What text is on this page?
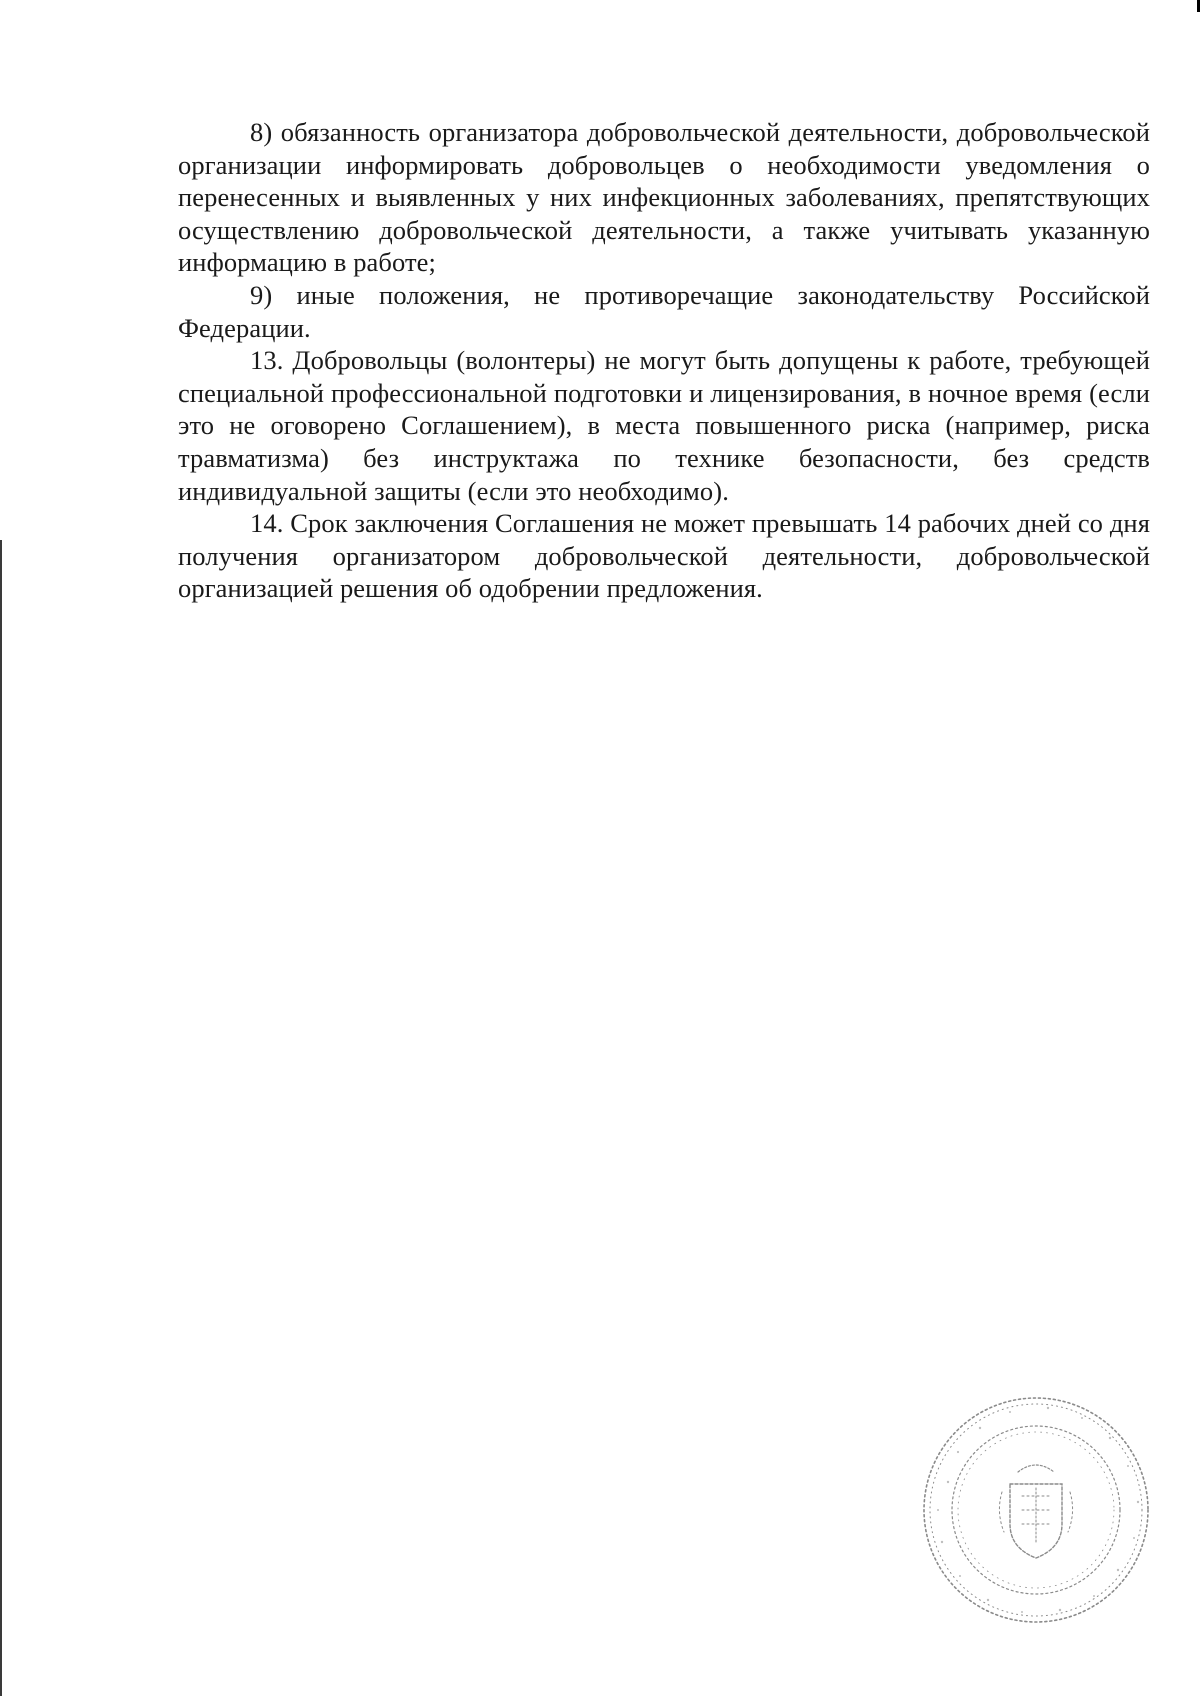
8) обязанность организатора добровольческой деятельности, добровольческой организации информировать добровольцев о необходимости уведомления о перенесенных и выявленных у них инфекционных заболеваниях, препятствующих осуществлению добровольческой деятельности, а также учитывать указанную информацию в работе;

9) иные положения, не противоречащие законодательству Российской Федерации.

13. Добровольцы (волонтеры) не могут быть допущены к работе, требующей специальной профессиональной подготовки и лицензирования, в ночное время (если это не оговорено Соглашением), в места повышенного риска (например, риска травматизма) без инструктажа по технике безопасности, без средств индивидуальной защиты (если это необходимо).

14. Срок заключения Соглашения не может превышать 14 рабочих дней со дня получения организатором добровольческой деятельности, добровольческой организацией решения об одобрении предложения.
